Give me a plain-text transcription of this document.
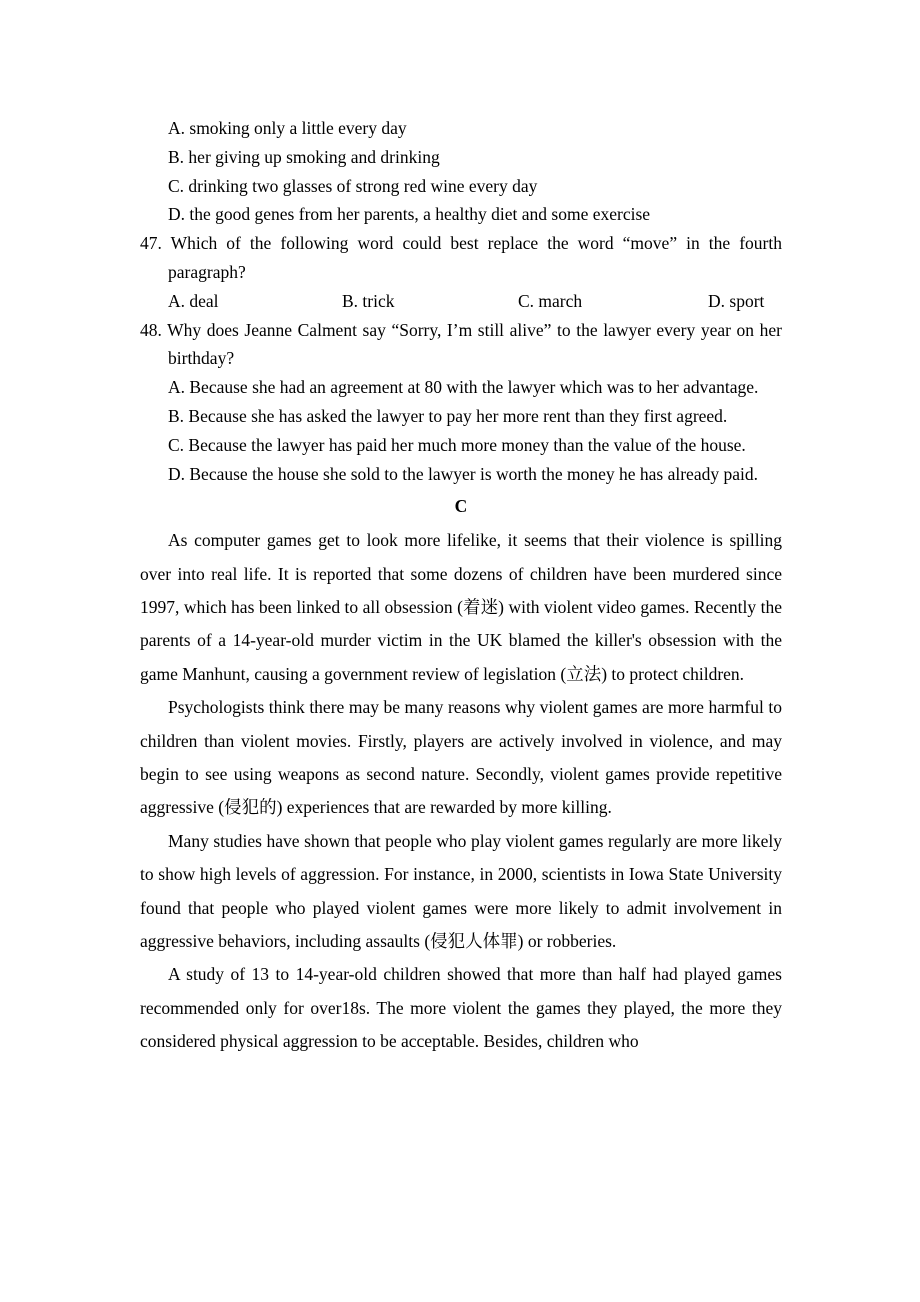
A. smoking only a little every day
B. her giving up smoking and drinking
C. drinking two glasses of strong red wine every day
D. the good genes from her parents, a healthy diet and some exercise
47. Which of the following word could best replace the word “move” in the fourth paragraph?
A. deal	B. trick	C. march	D. sport
48. Why does Jeanne Calment say “Sorry, I’m still alive” to the lawyer every year on her birthday?
A. Because she had an agreement at 80 with the lawyer which was to her advantage.
B. Because she has asked the lawyer to pay her more rent than they first agreed.
C. Because the lawyer has paid her much more money than the value of the house.
D. Because the house she sold to the lawyer is worth the money he has already paid.
C

As computer games get to look more lifelike, it seems that their violence is spilling over into real life. It is reported that some dozens of children have been murdered since 1997, which has been linked to all obsession (着迷) with violent video games. Recently the parents of a 14-year-old murder victim in the UK blamed the killer's obsession with the game Manhunt, causing a government review of legislation (立法) to protect children.

Psychologists think there may be many reasons why violent games are more harmful to children than violent movies. Firstly, players are actively involved in violence, and may begin to see using weapons as second nature. Secondly, violent games provide repetitive aggressive (侵犯的) experiences that are rewarded by more killing.

Many studies have shown that people who play violent games regularly are more likely to show high levels of aggression. For instance, in 2000, scientists in Iowa State University found that people who played violent games were more likely to admit involvement in aggressive behaviors, including assaults (侵犯人体罪) or robberies.

A study of 13 to 14-year-old children showed that more than half had played games recommended only for over18s. The more violent the games they played, the more they considered physical aggression to be acceptable. Besides, children who
